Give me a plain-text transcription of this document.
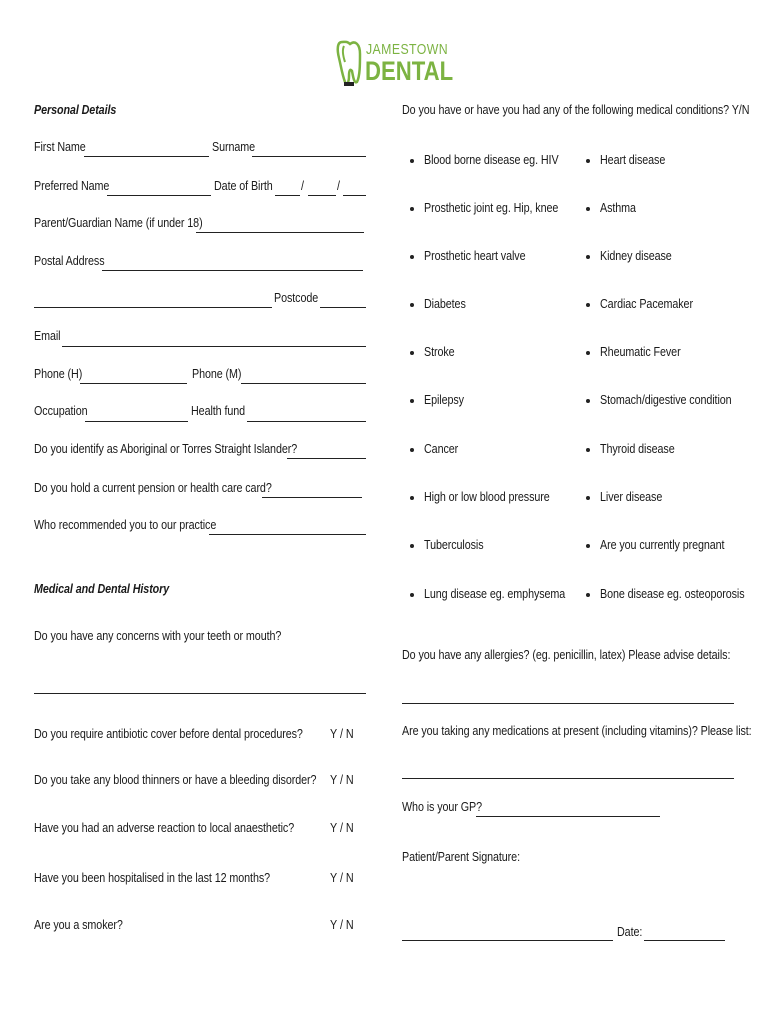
JAMESTOWN
DENTAL
Personal Details
First Name	Surname
Preferred Name	Date of Birth /	/
Parent/Guardian Name (if under 18)
Postal Address
Postcode
Email
Phone (H)	Phone (M)
Occupation	Health fund
Do you identify as Aboriginal or Torres Straight Islander?
Do you hold a current pension or health care card?
Who recommended you to our practice
Medical and Dental History
Do you have any concerns with your teeth or mouth?
Do you require antibiotic cover before dental procedures? Y / N
Do you take any blood thinners or have a bleeding disorder? Y / N
Have you had an adverse reaction to local anaesthetic?	Y / N
Have you been hospitalised in the last 12 months?	Y / N
Are you a smoker?	Y / N
Do you have or have you had any of the following medical conditions? Y/N
Blood borne disease eg. HIV
Prosthetic joint eg. Hip, knee
Prosthetic heart valve
Diabetes
Stroke
Epilepsy
Cancer
High or low blood pressure
Tuberculosis
Lung disease eg. emphysema
Heart disease
Asthma
Kidney disease
Cardiac Pacemaker
Rheumatic Fever
Stomach/digestive condition
Thyroid disease
Liver disease
Are you currently pregnant
Bone disease eg. osteoporosis
Do you have any allergies? (eg. penicillin, latex) Please advise details:
Are you taking any medications at present (including vitamins)? Please list:
Who is your GP?
Patient/Parent Signature:
Date:
